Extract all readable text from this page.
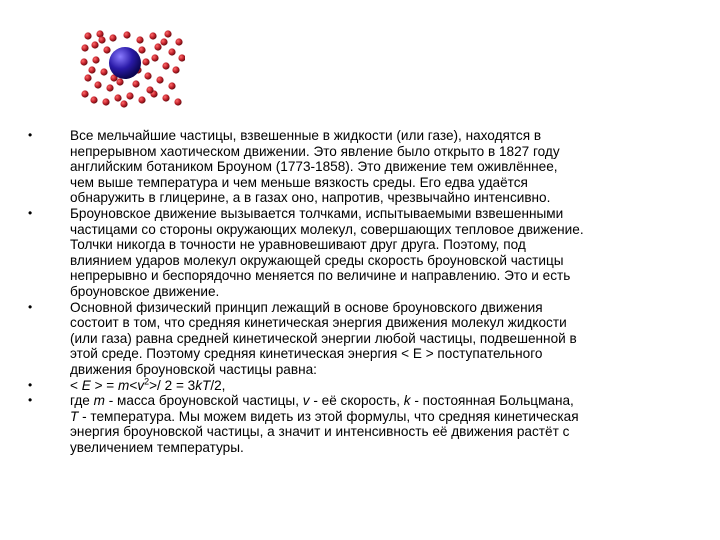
•	Все мельчайшие частицы, взвешенные в жидкости (или газе), находятся в
непрерывном хаотическом движении. Это явление было открыто в 1827 году
английским ботаником Броуном (1773-1858). Это движение тем оживлённее,
чем выше температура и чем меньше вязкость среды. Его едва удаётся
обнаружить в глицерине, а в газах оно, напротив, чрезвычайно интенсивно.
•	Броуновское движение вызывается толчками, испытываемыми взвешенными
частицами со стороны окружающих молекул, совершающих тепловое движение.
Толчки никогда в точности не уравновешивают друг друга. Поэтому, под
влиянием ударов молекул окружающей среды скорость броуновской частицы
непрерывно и беспорядочно меняется по величине и направлению. Это и есть
броуновское движение.
•	Основной физический принцип лежащий в основе броуновского движения
состоит в том, что средняя кинетическая энергия движения молекул жидкости
(или газа) равна средней кинетической энергии любой частицы, подвешенной в
этой среде. Поэтому средняя кинетическая энергия < E > поступательного
движения броуновской частицы равна:
•	< E > = $m<v^2>/$ 2 = 3kT/2,
•	где m - масса броуновской частицы, v - её скорость, k - постоянная Больцмана,
T - температура. Мы можем видеть из этой формулы, что средняя кинетическая
энергия броуновской частицы, а значит и интенсивность её движения растёт с
увеличением температуры.
